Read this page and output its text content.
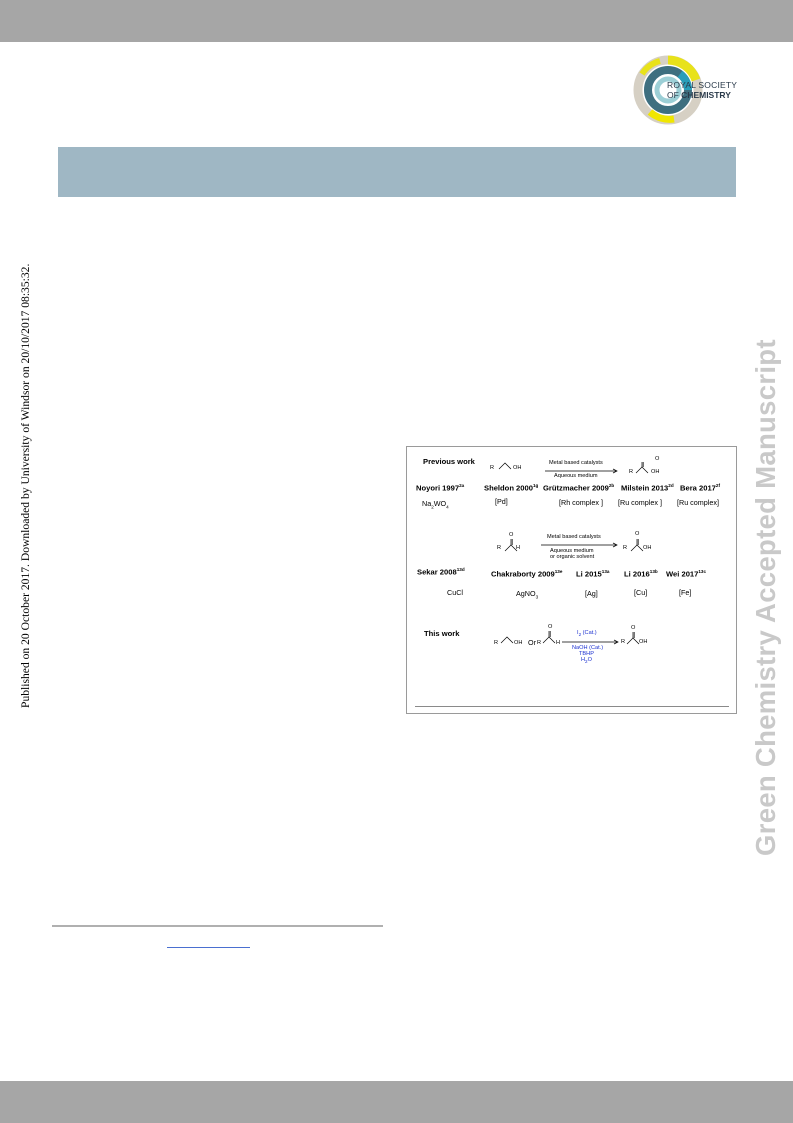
ROYAL SOCIETY
OF CHEMISTRY
Published on 20 October 2017. Downloaded by University of Windsor on 20/10/2017 08:35:32.	Green Chemistry Accepted Manuscript
Previous work
R	OH
Metal based catalysts
Aqueous medium
O
R	OH
Noyori $1997^{2a}$	Sheldon $2000^{1g}$ Grützmacher $2009^{2b}$ Milstein $2013^{2d}$ Bera $2017^{2f}$
$Na_2WO_4$
[Pd]	[Rh complex ] [Ru complex ] [Ru complex]
O
R	H
Metal based catalysts
Aqueous medium
or organic solvent
O
R	OH
Sekar $2008^{13d}$
Chakraborty $2009^{13e}$ Li $2015^{13a}$ Li $2016^{13b}$ Wei $2017^{13c}$
CuCl	AgNO$_3$	[Ag]	[Cu]	[Fe]
This work
R	OH Or
O
R	H
$I_2$ (Cat.)
NaOH (Cat.)
TBHP
$H_2O$
O
R OH
